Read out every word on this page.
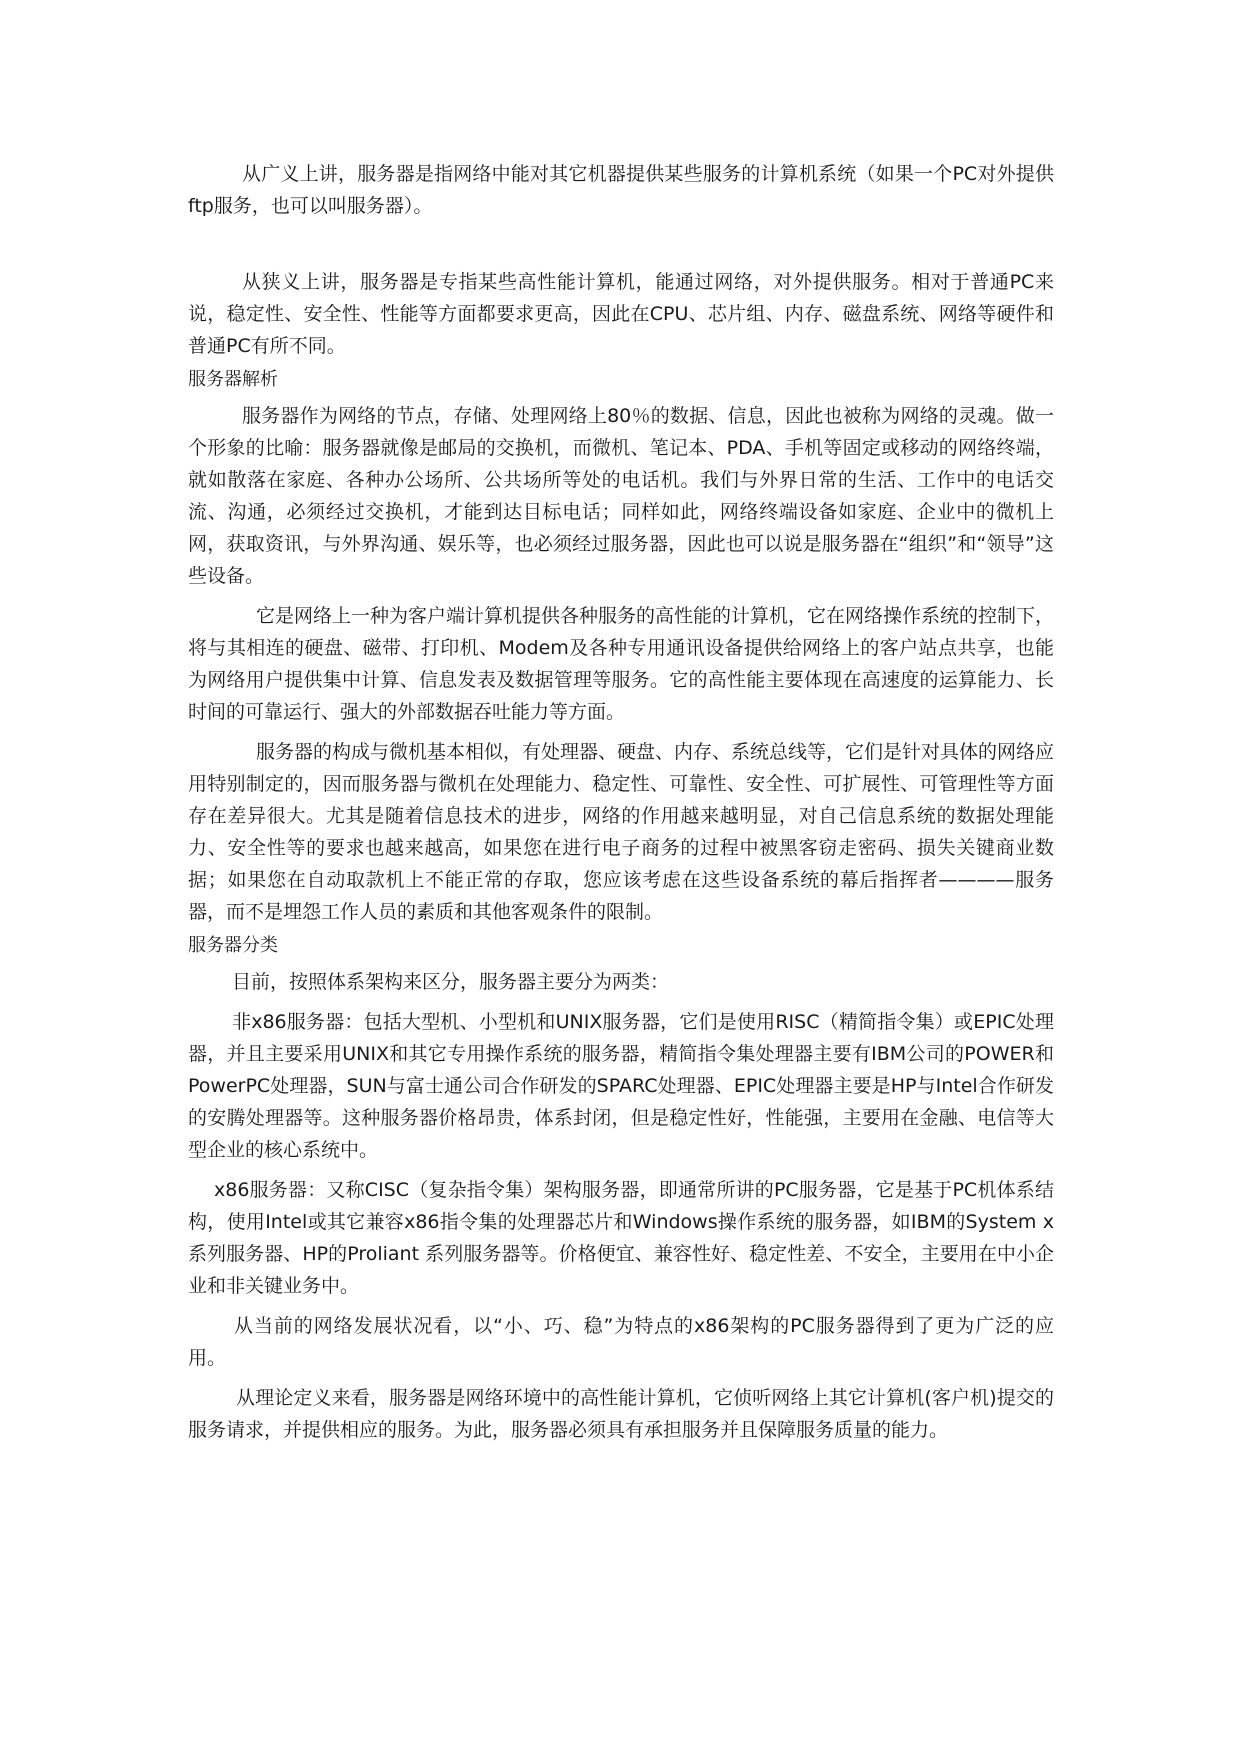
从广义上讲，服务器是指网络中能对其它机器提供某些服务的计算机系统（如果一个PC对外提供ftp服务，也可以叫服务器）。

从狭义上讲，服务器是专指某些高性能计算机，能通过网络，对外提供服务。相对于普通PC来说，稳定性、安全性、性能等方面都要求更高，因此在CPU、芯片组、内存、磁盘系统、网络等硬件和普通PC有所不同。

服务器解析

服务器作为网络的节点，存储、处理网络上80％的数据、信息，因此也被称为网络的灵魂。做一个形象的比喻：服务器就像是邮局的交换机，而微机、笔记本、PDA、手机等固定或移动的网络终端，就如散落在家庭、各种办公场所、公共场所等处的电话机。我们与外界日常的生活、工作中的电话交流、沟通，必须经过交换机，才能到达目标电话；同样如此，网络终端设备如家庭、企业中的微机上网，获取资讯，与外界沟通、娱乐等，也必须经过服务器，因此也可以说是服务器在“组织”和“领导”这些设备。

它是网络上一种为客户端计算机提供各种服务的高性能的计算机，它在网络操作系统的控制下，将与其相连的硬盘、磁带、打印机、Modem及各种专用通讯设备提供给网络上的客户站点共享，也能为网络用户提供集中计算、信息发表及数据管理等服务。它的高性能主要体现在高速度的运算能力、长时间的可靠运行、强大的外部数据吞吐能力等方面。

服务器的构成与微机基本相似，有处理器、硬盘、内存、系统总线等，它们是针对具体的网络应用特别制定的，因而服务器与微机在处理能力、稳定性、可靠性、安全性、可扩展性、可管理性等方面存在差异很大。尤其是随着信息技术的进步，网络的作用越来越明显，对自己信息系统的数据处理能力、安全性等的要求也越来越高，如果您在进行电子商务的过程中被黑客窃走密码、损失关键商业数据；如果您在自动取款机上不能正常的存取，您应该考虑在这些设备系统的幕后指挥者————服务器，而不是埋怨工作人员的素质和其他客观条件的限制。

服务器分类

目前，按照体系架构来区分，服务器主要分为两类：

非x86服务器：包括大型机、小型机和UNIX服务器，它们是使用RISC（精简指令集）或EPIC处理器，并且主要采用UNIX和其它专用操作系统的服务器，精简指令集处理器主要有IBM公司的POWER和PowerPC处理器，SUN与富士通公司合作研发的SPARC处理器、EPIC处理器主要是HP与Intel合作研发的安腾处理器等。这种服务器价格昂贵，体系封闭，但是稳定性好，性能强，主要用在金融、电信等大型企业的核心系统中。

x86服务器：又称CISC（复杂指令集）架构服务器，即通常所讲的PC服务器，它是基于PC机体系结构，使用Intel或其它兼容x86指令集的处理器芯片和Windows操作系统的服务器，如IBM的System x系列服务器、HP的Proliant 系列服务器等。价格便宜、兼容性好、稳定性差、不安全，主要用在中小企业和非关键业务中。

从当前的网络发展状况看，以“小、巧、稳”为特点的x86架构的PC服务器得到了更为广泛的应用。

从理论定义来看，服务器是网络环境中的高性能计算机，它侦听网络上其它计算机(客户机)提交的服务请求，并提供相应的服务。为此，服务器必须具有承担服务并且保障服务质量的能力。
